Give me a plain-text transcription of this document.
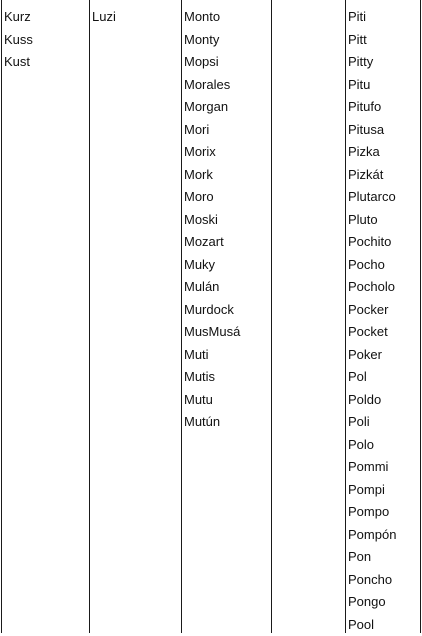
Kurz
Kuss
Kust
Luzi	Monto
Monty
Mopsi
Morales
Morgan
Mori
Morix
Mork
Moro
Moski
Mozart
Muky
Mulán
Murdock
MusMusá
Muti
Mutis
Mutu
Mutún
Piti
Pitt
Pitty
Pitu
Pitufo
Pitusa
Pizka
Pizkát
Plutarco
Pluto
Pochito
Pocho
Pocholo
Pocker
Pocket
Poker
Pol
Poldo
Poli
Polo
Pommi
Pompi
Pompo
Pompón
Pon
Poncho
Pongo
Pool
